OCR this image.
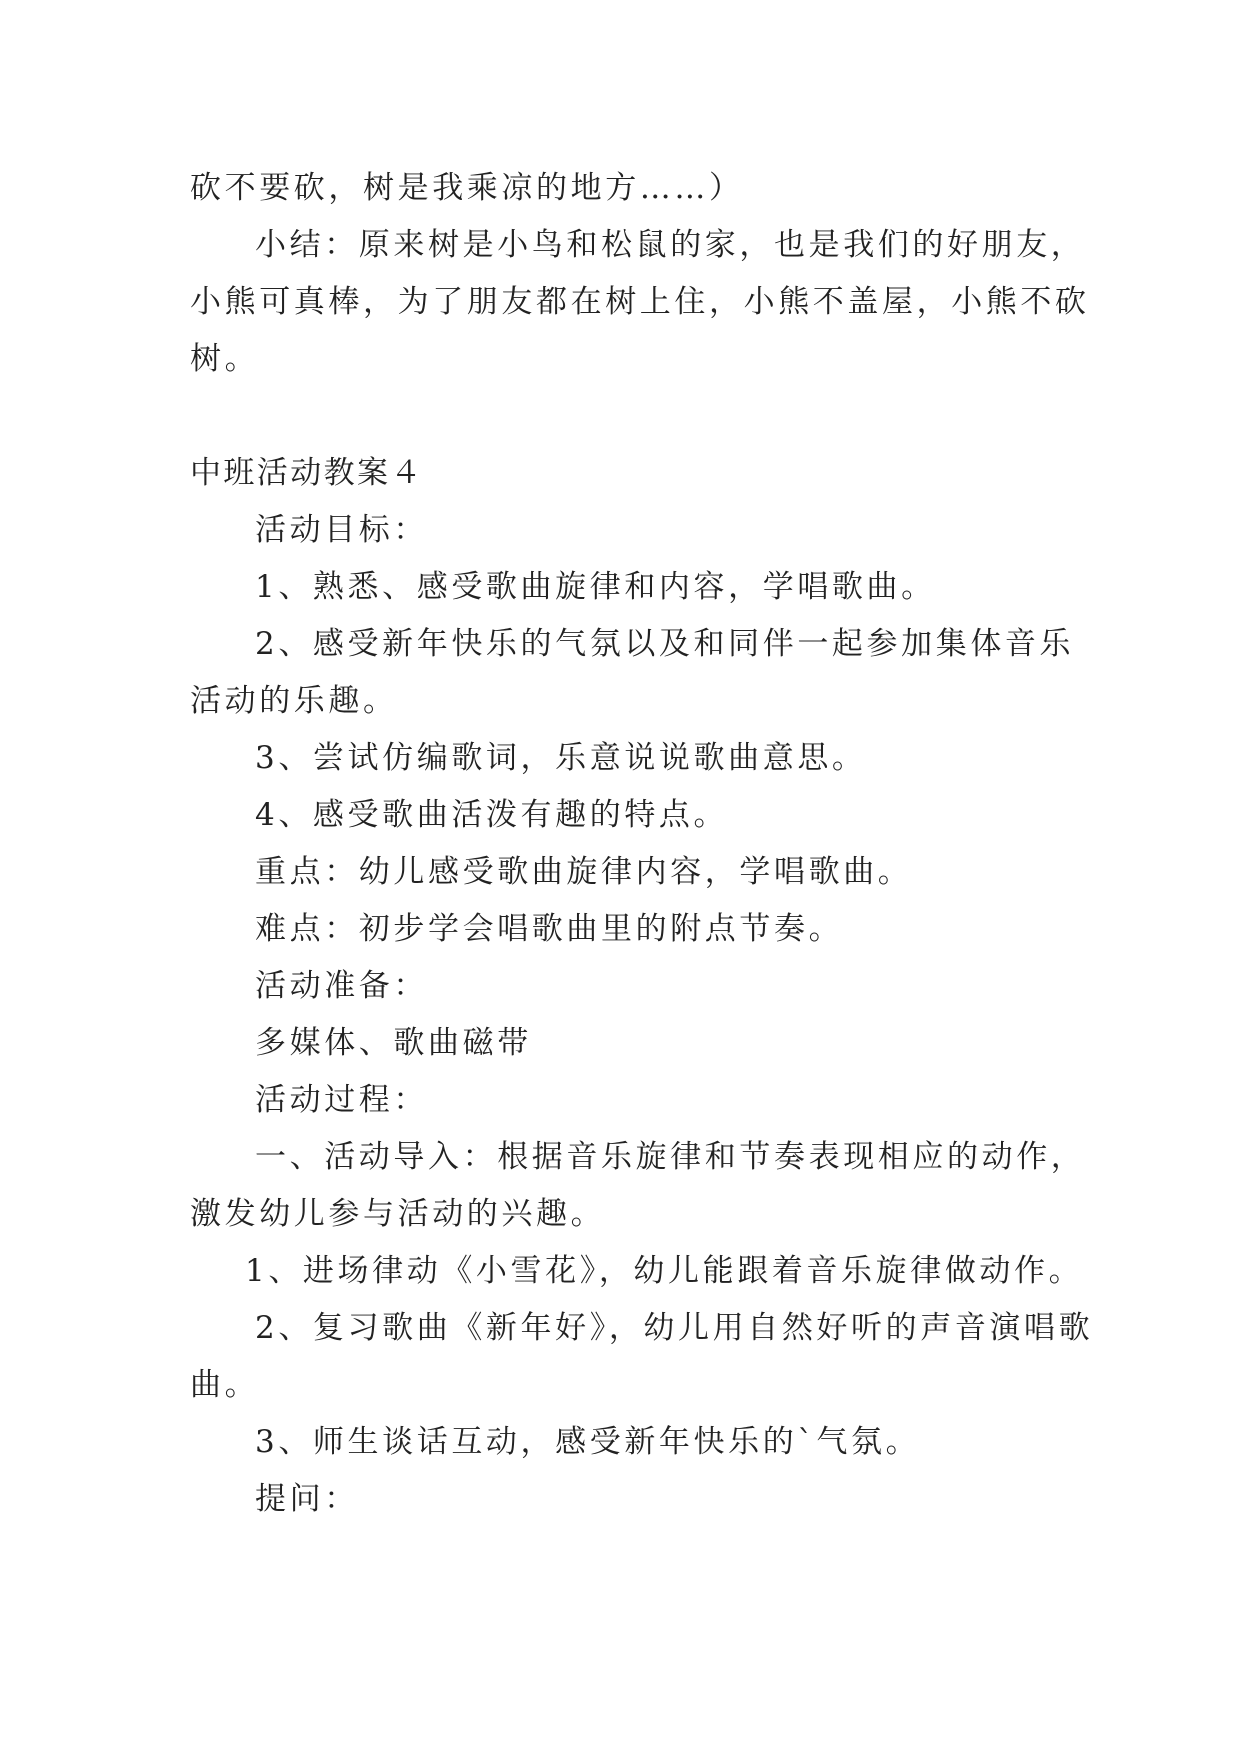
砍不要砍，树是我乘凉的地方……）
小结：原来树是小鸟和松鼠的家，也是我们的好朋友，
小熊可真棒，为了朋友都在树上住，小熊不盖屋，小熊不砍
树。
中班活动教案４
活动目标：
1、熟悉、感受歌曲旋律和内容，学唱歌曲。
2、感受新年快乐的气氛以及和同伴一起参加集体音乐
活动的乐趣。
3、尝试仿编歌词，乐意说说歌曲意思。
4、感受歌曲活泼有趣的特点。
重点：幼儿感受歌曲旋律内容，学唱歌曲。
难点：初步学会唱歌曲里的附点节奏。
活动准备：
多媒体、歌曲磁带
活动过程：
一、活动导入：根据音乐旋律和节奏表现相应的动作，
激发幼儿参与活动的兴趣。
1、进场律动《小雪花》，幼儿能跟着音乐旋律做动作。
2、复习歌曲《新年好》，幼儿用自然好听的声音演唱歌
曲。
3、师生谈话互动，感受新年快乐的`气氛。
提问：
